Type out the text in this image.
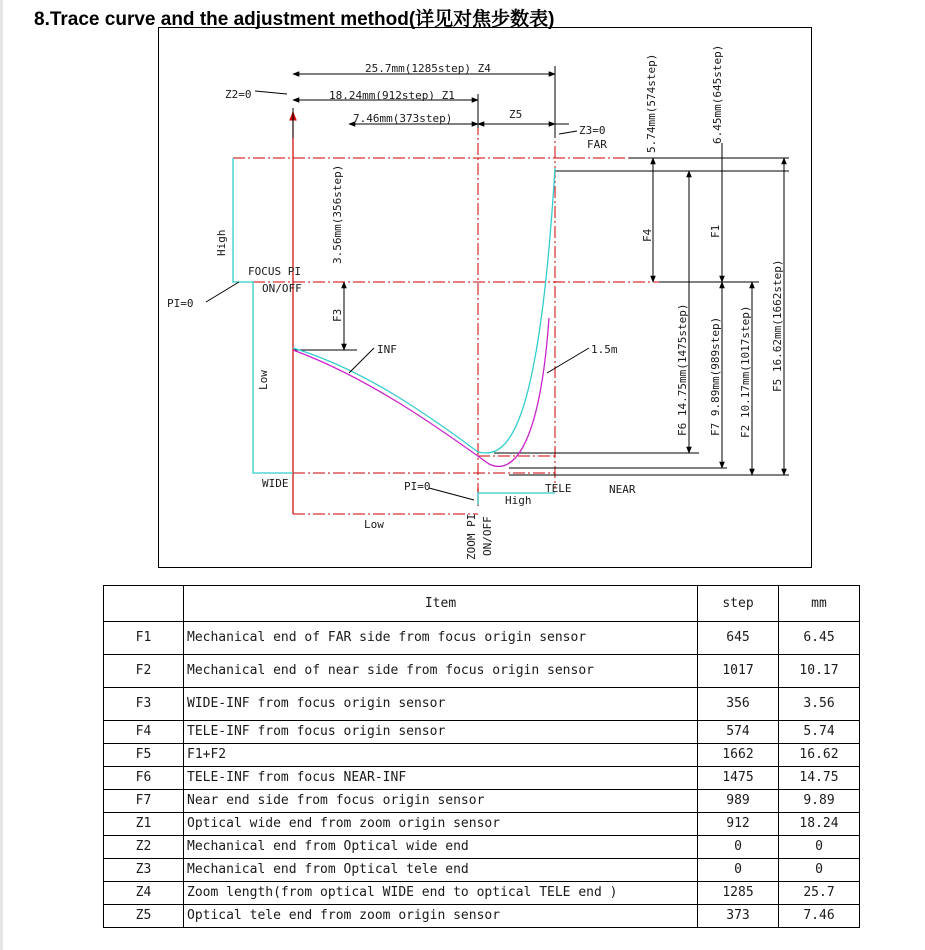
8.Trace curve and the adjustment method(详见对焦步数表)
25.7mm(1285step) Z4
18.24mm(912step) Z1
7.46mm(373step)	Z5
Z2=0
Z3=0
FAR	5.74mm(574step)	6.45mm(645step)
3.56mm(356step)	F4	F1
F3	F5 16.62mm(1662step)
F2 10.17mm(1017step)
F7 9.89mm(989step)
F6 14.75mm(1475step)
High
Low
FOCUS PI
ON/OFF
PI=0
INF	1.5m
WIDE	PI=0	TELE	NEAR
High
Low	ZOOM PI ON/OFF
	Item	step	mm
F1	Mechanical end of FAR side from focus origin sensor	645	6.45
F2	Mechanical end of near side from focus origin sensor	1017	10.17
F3	WIDE-INF from focus origin sensor	356	3.56
F4	TELE-INF from focus origin sensor	574	5.74
F5	F1+F2	1662	16.62
F6	TELE-INF from focus NEAR-INF	1475	14.75
F7	Near end side from focus origin sensor	989	9.89
Z1	Optical wide end from zoom origin sensor	912	18.24
Z2	Mechanical end from Optical wide end	0	0
Z3	Mechanical end from Optical tele end	0	0
Z4	Zoom length(from optical WIDE end to optical TELE end )	1285	25.7
Z5	Optical tele end from zoom origin sensor	373	7.46
